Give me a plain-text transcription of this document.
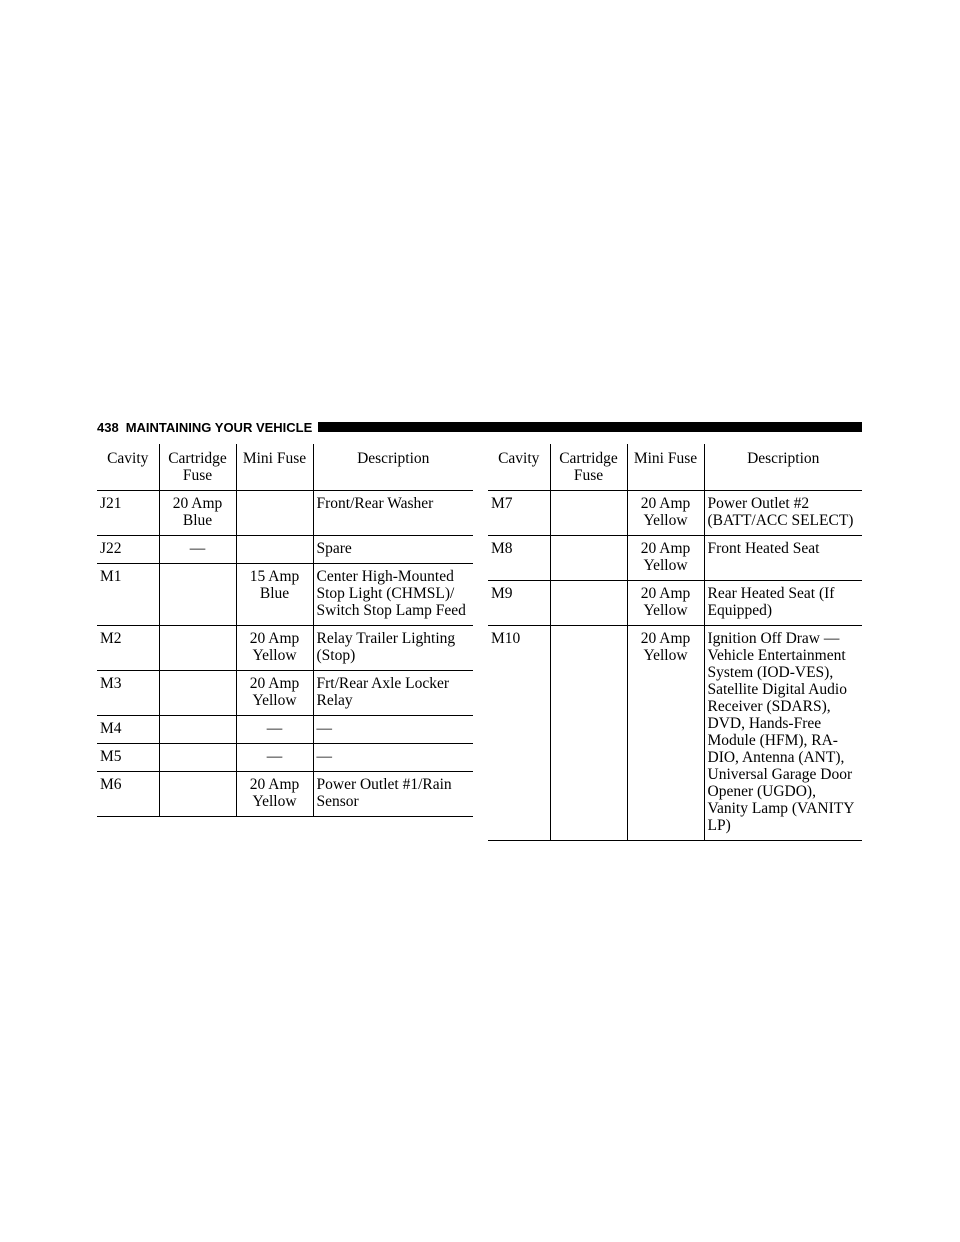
438 MAINTAINING YOUR VEHICLE
Cavity	Cartridge Fuse	Mini Fuse	Description
J21	20 Amp Blue		Front/Rear Washer
J22	—		Spare
M1		15 Amp Blue	Center High-Mounted Stop Light (CHMSL)/ Switch Stop Lamp Feed
M2		20 Amp Yellow	Relay Trailer Lighting (Stop)
M3		20 Amp Yellow	Frt/Rear Axle Locker Relay
M4		—	—
M5		—	—
M6		20 Amp Yellow	Power Outlet #1/Rain Sensor
Cavity	Cartridge Fuse	Mini Fuse	Description
M7		20 Amp Yellow	Power Outlet #2 (BATT/ACC SELECT)
M8		20 Amp Yellow	Front Heated Seat
M9		20 Amp Yellow	Rear Heated Seat (If Equipped)
M10		20 Amp Yellow	Ignition Off Draw — Vehicle Entertainment System (IOD-VES), Satellite Digital Audio Receiver (SDARS), DVD, Hands-Free Module (HFM), RA- DIO, Antenna (ANT), Universal Garage Door Opener (UGDO), Vanity Lamp (VANITY LP)
